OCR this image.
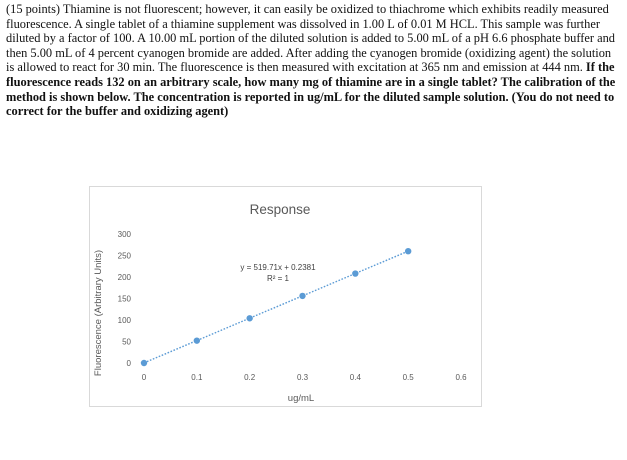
(15 points) Thiamine is not fluorescent; however, it can easily be oxidized to thiachrome which exhibits readily measured fluorescence. A single tablet of a thiamine supplement was dissolved in 1.00 L of 0.01 M HCL. This sample was further diluted by a factor of 100. A 10.00 mL portion of the diluted solution is added to 5.00 mL of a pH 6.6 phosphate buffer and then 5.00 mL of 4 percent cyanogen bromide are added. After adding the cyanogen bromide (oxidizing agent) the solution is allowed to react for 30 min. The fluorescence is then measured with excitation at 365 nm and emission at 444 nm. If the fluorescence reads 132 on an arbitrary scale, how many mg of thiamine are in a single tablet? The calibration of the method is shown below. The concentration is reported in ug/mL for the diluted sample solution. (You do not need to correct for the buffer and oxidizing agent)

Response
Fluorescence (Arbitrary Units)
ug/mL
0
50
100
150
200
250
300
0	0.1	0.2	0.3	0.4	0.5	0.6
y = 519.71x + 0.2381
R² = 1
